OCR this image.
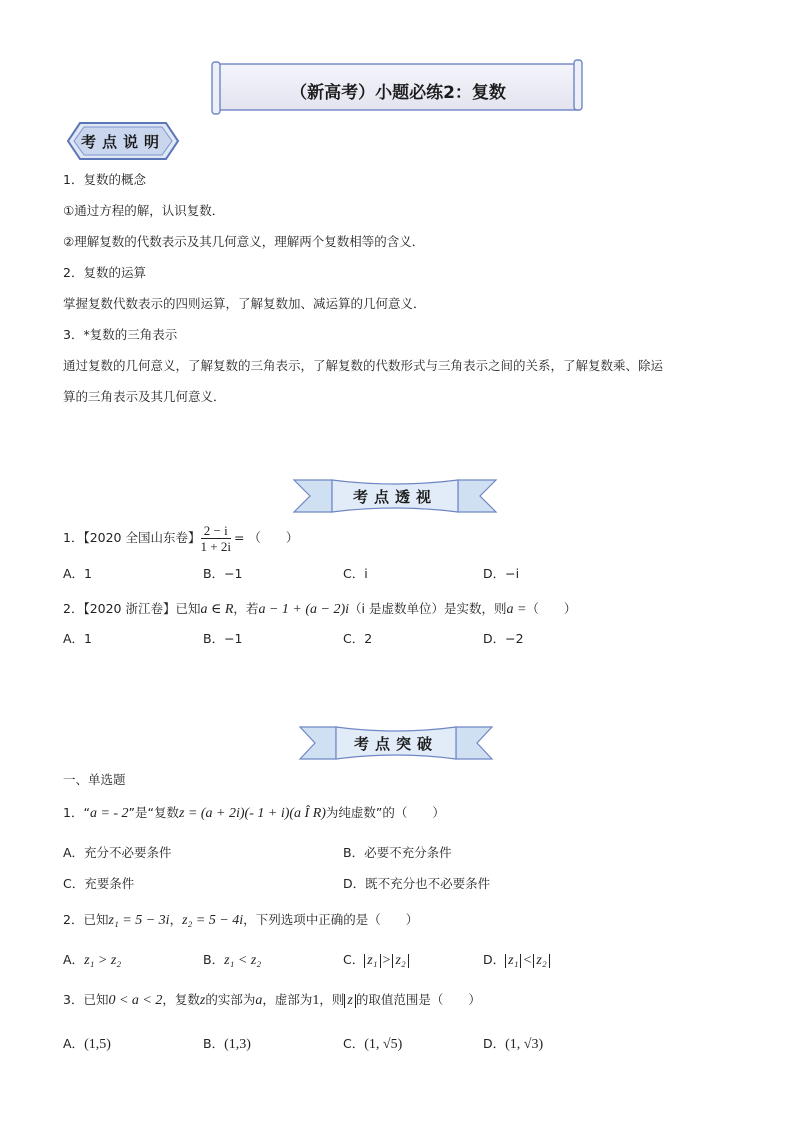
（新高考）小题必练2：复数
考点说明
1．复数的概念
①通过方程的解，认识复数．
②理解复数的代数表示及其几何意义，理解两个复数相等的含义．
2．复数的运算
掌握复数代数表示的四则运算，了解复数加、减运算的几何意义．
3．*复数的三角表示
通过复数的几何意义，了解复数的三角表示，了解复数的代数形式与三角表示之间的关系，了解复数乘、除运
算的三角表示及其几何意义．
考点透视
1．【2020 全国山东卷】 $\frac{2 - i}{1 + 2i}$ = （　　）
A．1	B．−1	C．i	D．−i
2．【2020 浙江卷】已知a ∈ R，若a − 1 + (a − 2)i（i 是虚数单位）是实数，则a =（　　）
A．1	B．−1	C．2	D．−2
考点突破
一、单选题
1．“a = - 2”是“复数z = (a + 2i)(- 1 + i)(a Î R)为纯虚数”的（　　）
A．充分不必要条件	B．必要不充分条件
C．充要条件	D．既不充分也不必要条件
2．已知z₁ = 5 − 3i，z₂ = 5 − 4i，下列选项中正确的是（　　）
A．z₁ > z₂	B．z₁ < z₂	C． z₁ > z₂	D． z₁ < z₂
3．已知0 < a < 2，复数z的实部为a，虚部为1，则 z 的取值范围是（　　）
A．(1,5)	B．(1,3)	C．(1, √5)	D．(1, √3)
